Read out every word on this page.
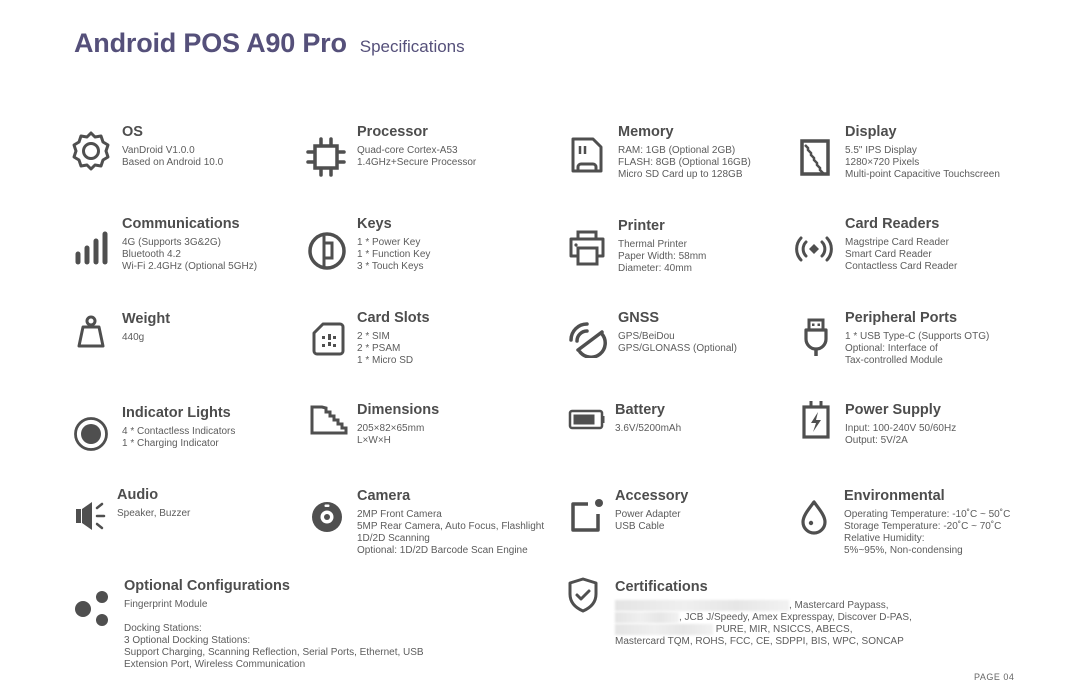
Android POS A90 Pro Specifications
OS
VanDroid V1.0.0
Based on Android 10.0
Processor
Quad-core Cortex-A53
1.4GHz+Secure Processor
Memory
RAM: 1GB (Optional 2GB)
FLASH: 8GB (Optional 16GB)
Micro SD Card up to 128GB
Display
5.5" IPS Display
1280×720 Pixels
Multi-point Capacitive Touchscreen
Communications
4G (Supports 3G&2G)
Bluetooth 4.2
Wi-Fi 2.4GHz (Optional 5GHz)
Keys
1 * Power Key
1 * Function Key
3 * Touch Keys
Printer
Thermal Printer
Paper Width: 58mm
Diameter: 40mm
Card Readers
Magstripe Card Reader
Smart Card Reader
Contactless Card Reader
Weight
440g
Card Slots
2 * SIM
2 * PSAM
1 * Micro SD
GNSS
GPS/BeiDou
GPS/GLONASS (Optional)
Peripheral Ports
1 * USB Type-C (Supports OTG)
Optional: Interface of
Tax-controlled Module
Indicator Lights
4 * Contactless Indicators
1 * Charging Indicator
Dimensions
205×82×65mm
L×W×H
Battery
3.6V/5200mAh
Power Supply
Input: 100-240V 50/60Hz
Output: 5V/2A
Audio
Speaker, Buzzer
Camera
2MP Front Camera
5MP Rear Camera, Auto Focus, Flashlight
1D/2D Scanning
Optional: 1D/2D Barcode Scan Engine
Accessory
Power Adapter
USB Cable
Environmental
Operating Temperature: -10˚C ~ 50˚C
Storage Temperature: -20˚C ~ 70˚C
Relative Humidity:
5%~95%, Non-condensing
Optional Configurations
Fingerprint Module
Docking Stations:
3 Optional Docking Stations:
Support Charging, Scanning Reflection, Serial Ports, Ethernet, USB
Extension Port, Wireless Communication
Certifications
, Mastercard Paypass,
, JCB J/Speedy, Amex Expresspay, Discover D-PAS,
PURE, MIR, NSICCS, ABECS,
Mastercard TQM, ROHS, FCC, CE, SDPPI, BIS, WPC, SONCAP
PAGE 04
